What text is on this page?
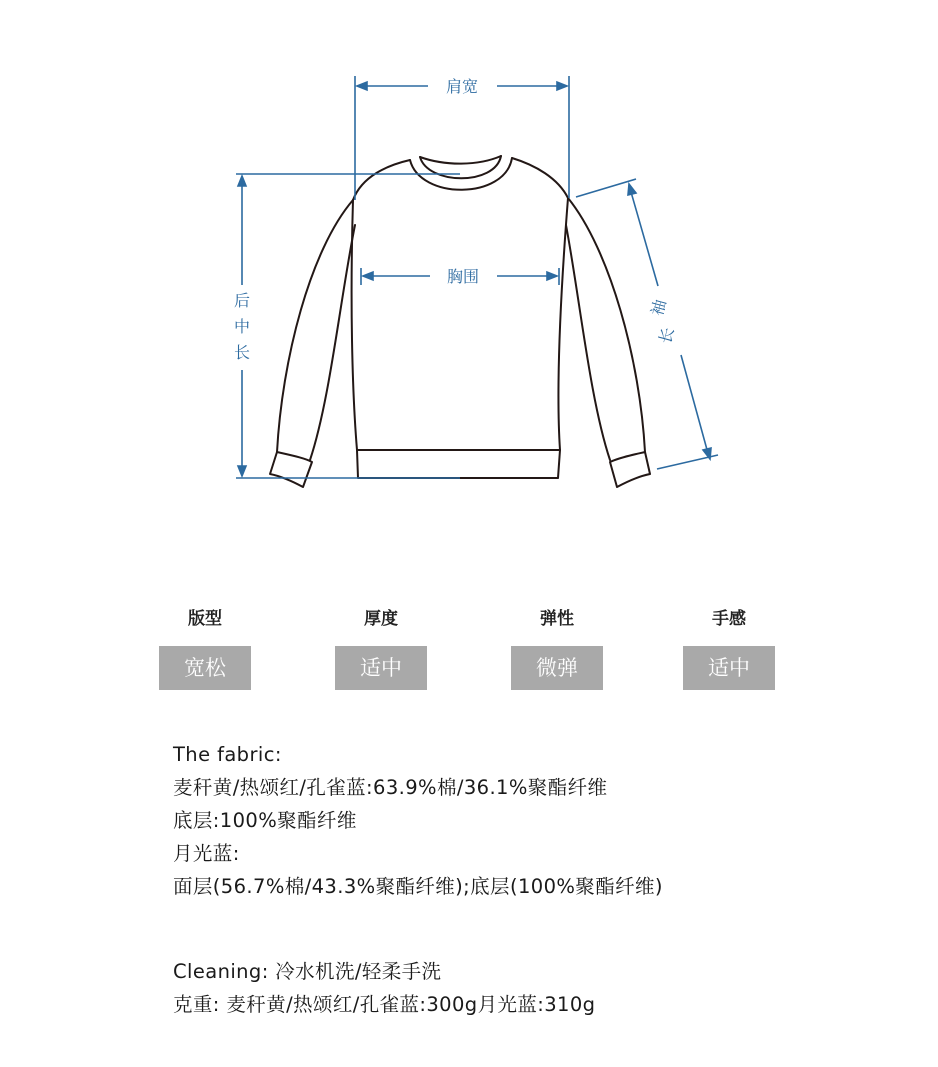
肩宽
胸围
后
中
长
袖
长
版型
宽松
厚度
适中
弹性
微弹
手感
适中
The fabric:
麦秆黄/热颂红/孔雀蓝:63.9%棉/36.1%聚酯纤维
底层:100%聚酯纤维
月光蓝:
面层(56.7%棉/43.3%聚酯纤维);底层(100%聚酯纤维)
Cleaning: 冷水机洗/轻柔手洗
克重: 麦秆黄/热颂红/孔雀蓝:300g月光蓝:310g
